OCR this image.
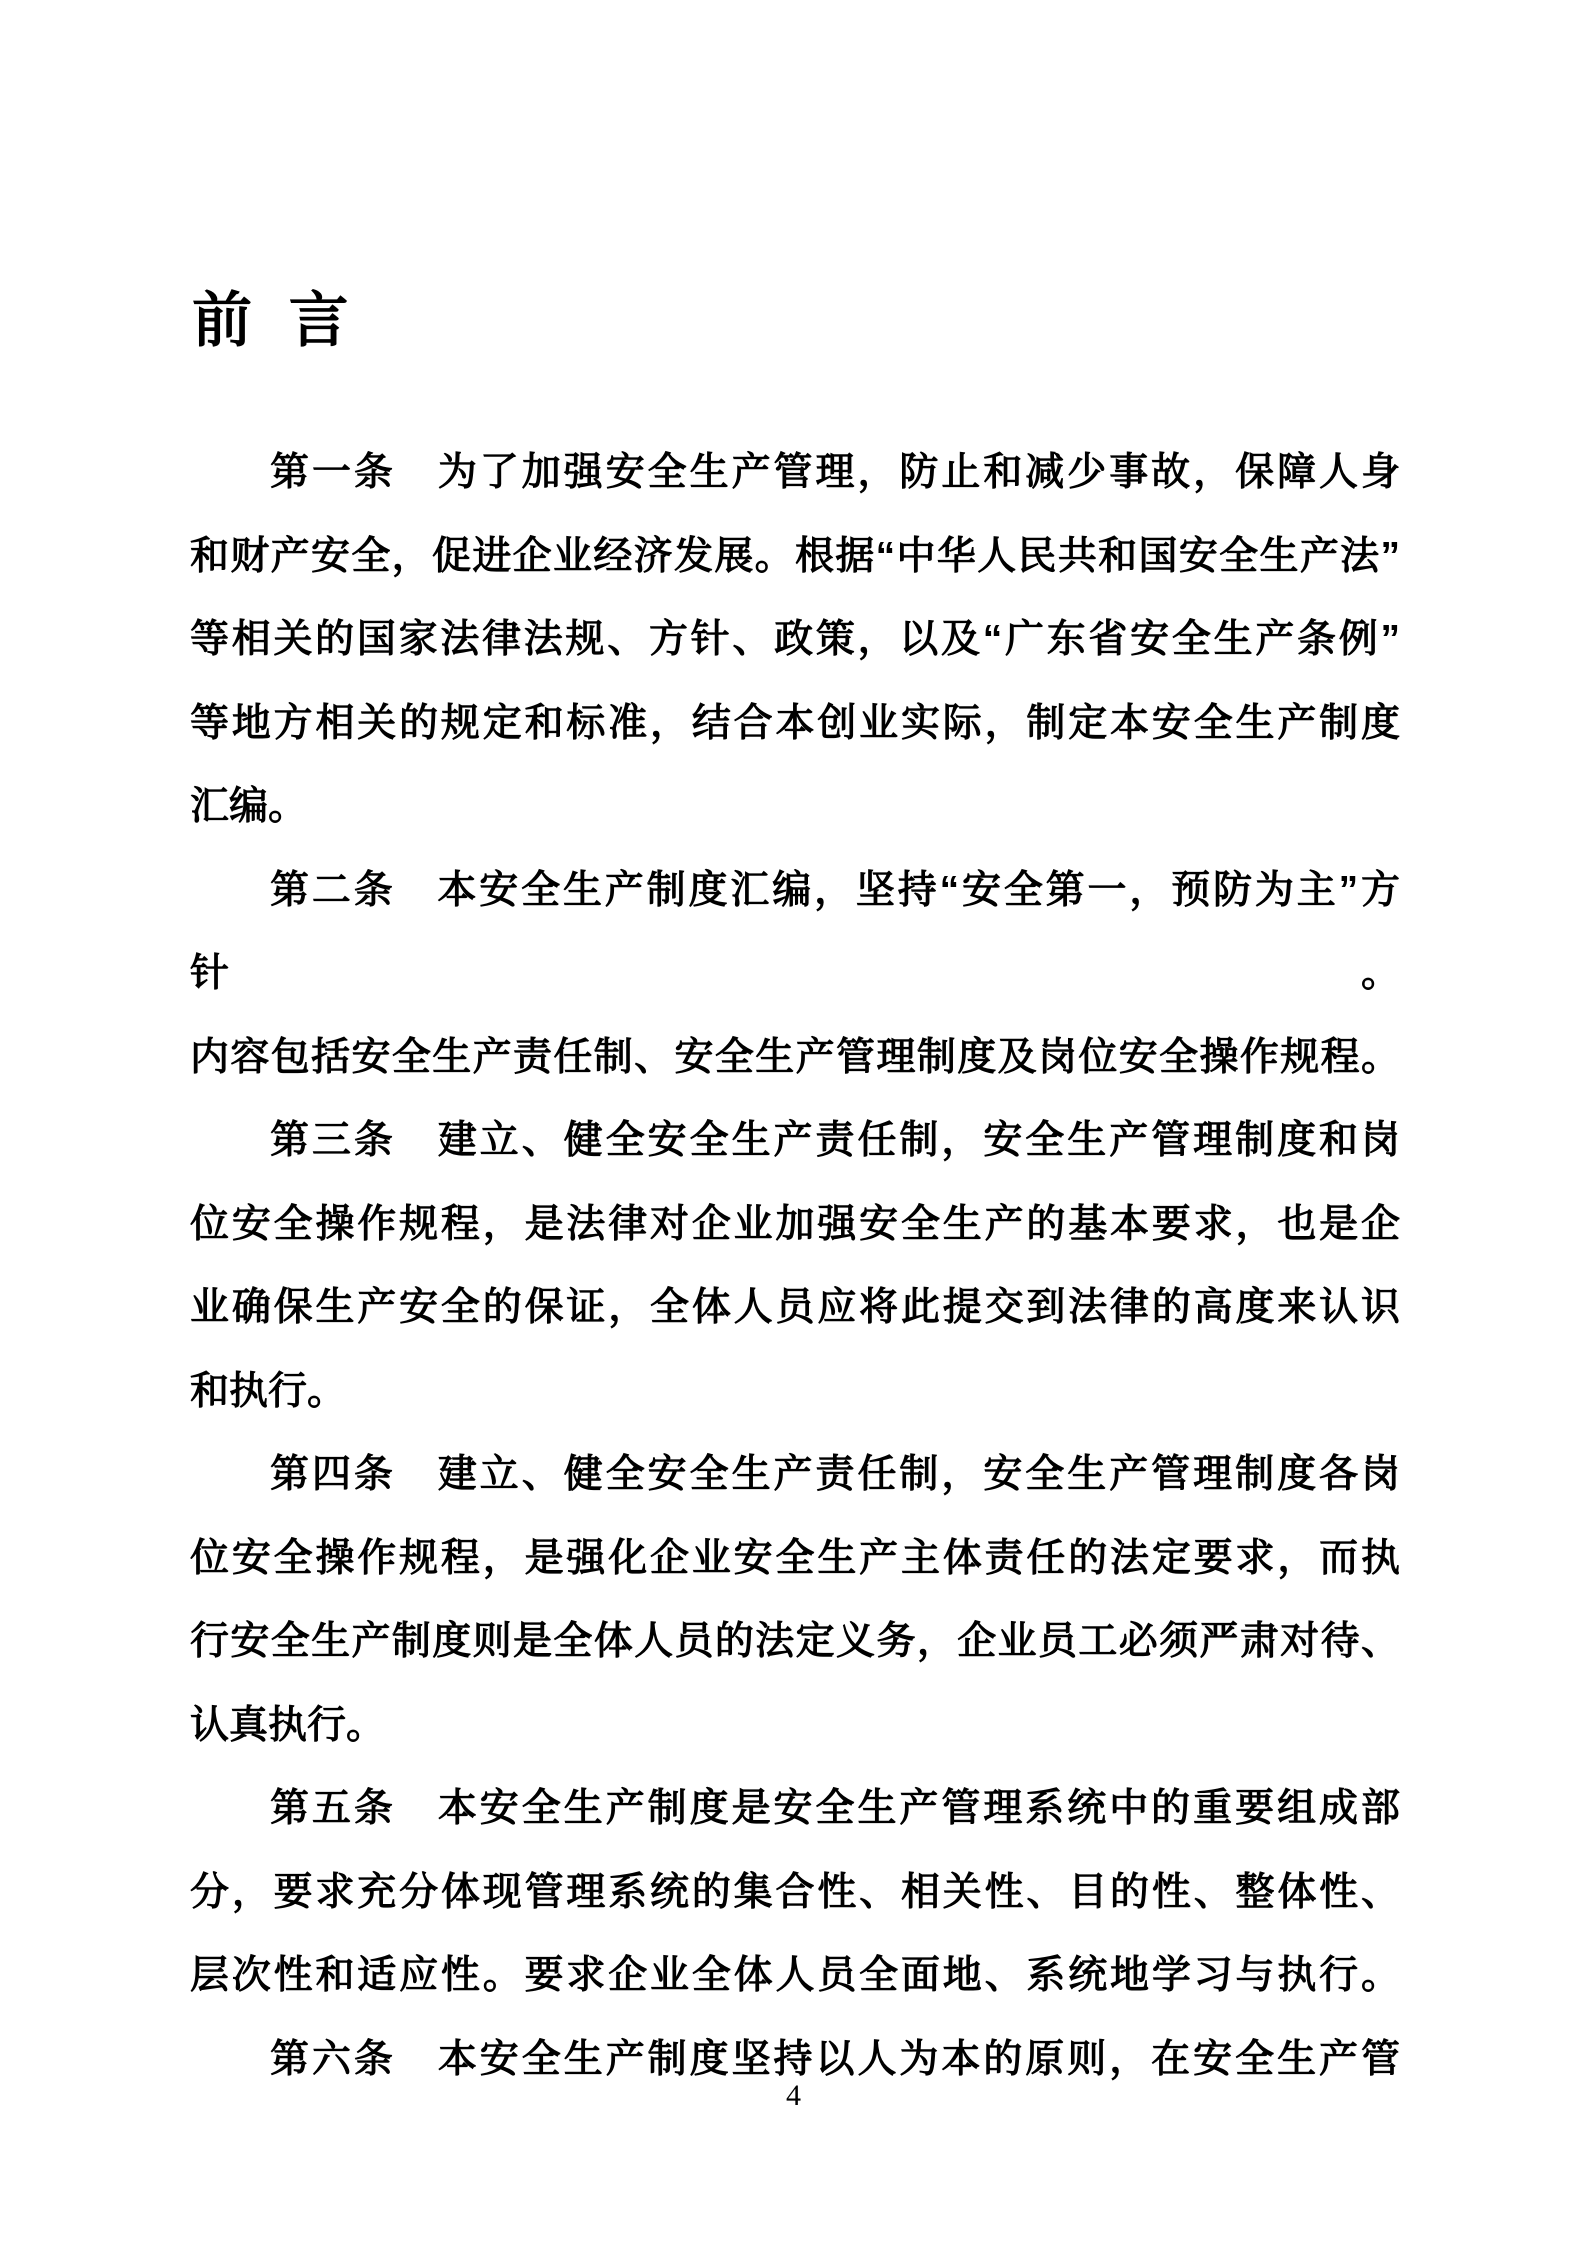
前 言
第一条　为了加强安全生产管理，防止和减少事故，保障人身
和财产安全，促进企业经济发展。根据“中华人民共和国安全生产法”
等相关的国家法律法规、方针、政策，以及“广东省安全生产条例”
等地方相关的规定和标准，结合本创业实际，制定本安全生产制度
汇编。
第二条　本安全生产制度汇编，坚持“安全第一，预防为主”方针。
内容包括安全生产责任制、安全生产管理制度及岗位安全操作规程。
第三条　建立、健全安全生产责任制，安全生产管理制度和岗
位安全操作规程，是法律对企业加强安全生产的基本要求，也是企
业确保生产安全的保证，全体人员应将此提交到法律的高度来认识
和执行。
第四条　建立、健全安全生产责任制，安全生产管理制度各岗
位安全操作规程，是强化企业安全生产主体责任的法定要求，而执
行安全生产制度则是全体人员的法定义务，企业员工必须严肃对待、
认真执行。
第五条　本安全生产制度是安全生产管理系统中的重要组成部
分，要求充分体现管理系统的集合性、相关性、目的性、整体性、
层次性和适应性。要求企业全体人员全面地、系统地学习与执行。
第六条　本安全生产制度坚持以人为本的原则，在安全生产管
4
